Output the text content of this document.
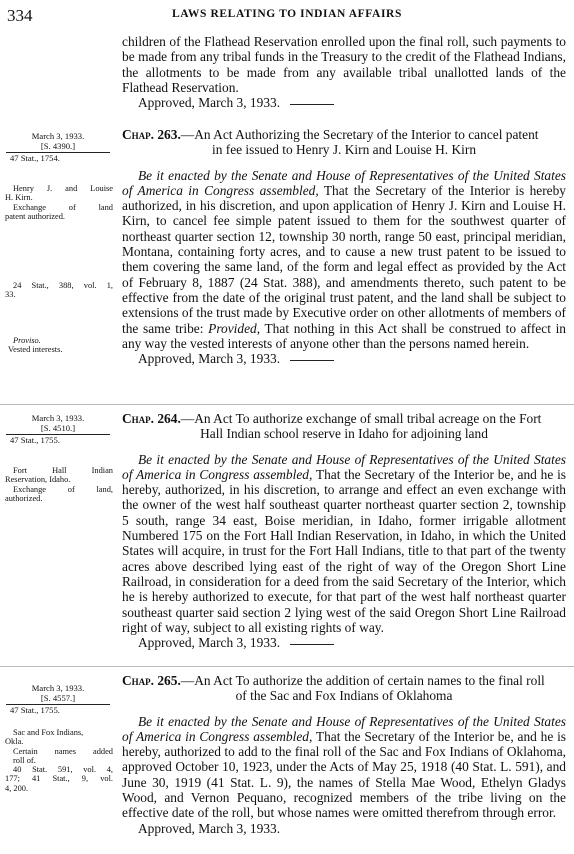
334	LAWS RELATING TO INDIAN AFFAIRS

children of the Flathead Reservation enrolled upon the final roll, such payments to be made from any tribal funds in the Treasury to the credit of the Flathead Indians, the allotments to be made from any available tribal unallotted lands of the Flathead Reservation.

Approved, March 3, 1933.
March 3, 1933.
[S. 4390.]
47 Stat., 1754.

Chap. 263.—An Act Authorizing the Secretary of the Interior to cancel patent
in fee issued to Henry J. Kirn and Louise H. Kirn

Be it enacted by the Senate and House of Representatives of the United States of America in Congress assembled, That the Secretary of the Interior is hereby authorized, in his discretion, and upon application of Henry J. Kirn and Louise H. Kirn, to cancel fee simple patent issued to them for the southwest quarter of northeast quarter section 12, township 30 north, range 50 east, principal meridian, Montana, containing forty acres, and to cause a new trust patent to be issued to them covering the same land, of the form and legal effect as provided by the Act of February 8, 1887 (24 Stat. 388), and amendments thereto, such patent to be effective from the date of the original trust patent, and the land shall be subject to extensions of the trust made by Executive order on other allotments of members of the same tribe: Provided, That nothing in this Act shall be construed to affect in any way the vested interests of anyone other than the persons named herein.

Approved, March 3, 1933.
Henry J. and Louise
H. Kirn.
Exchange of land
patent authorized.
24 Stat., 388, vol. 1,
33.
Proviso.
Vested interests.
March 3, 1933.
[S. 4510.]
47 Stat., 1755.

Chap. 264.—An Act To authorize exchange of small tribal acreage on the Fort
Hall Indian school reserve in Idaho for adjoining land

Be it enacted by the Senate and House of Representatives of the United States of America in Congress assembled, That the Secretary of the Interior be, and he is hereby, authorized, in his discretion, to arrange and effect an even exchange with the owner of the west half southeast quarter northeast quarter section 2, township 5 south, range 34 east, Boise meridian, in Idaho, former irrigable allotment Numbered 175 on the Fort Hall Indian Reservation, in Idaho, in which the United States will acquire, in trust for the Fort Hall Indians, title to that part of the twenty acres above described lying east of the right of way of the Oregon Short Line Railroad, in consideration for a deed from the said Secretary of the Interior, which he is hereby authorized to execute, for that part of the west half northeast quarter southeast quarter said section 2 lying west of the said Oregon Short Line Railroad right of way, subject to all existing rights of way.

Approved, March 3, 1933.
Fort Hall Indian
Reservation, Idaho.
Exchange of land,
authorized.
March 3, 1933.
[S. 4557.]
47 Stat., 1755.

Chap. 265.—An Act To authorize the addition of certain names to the final roll
of the Sac and Fox Indians of Oklahoma

Be it enacted by the Senate and House of Representatives of the United States of America in Congress assembled, That the Secretary of the Interior be, and he is hereby, authorized to add to the final roll of the Sac and Fox Indians of Oklahoma, approved October 10, 1923, under the Acts of May 25, 1918 (40 Stat. L. 591), and June 30, 1919 (41 Stat. L. 9), the names of Stella Mae Wood, Ethelyn Gladys Wood, and Vernon Pequano, recognized members of the tribe living on the effective date of the roll, but whose names were omitted therefrom through error.

Approved, March 3, 1933.
Sac and Fox Indians,
Okla.
Certain names added
roll of.
40 Stat. 591, vol. 4,
177; 41 Stat., 9, vol.
4, 200.
